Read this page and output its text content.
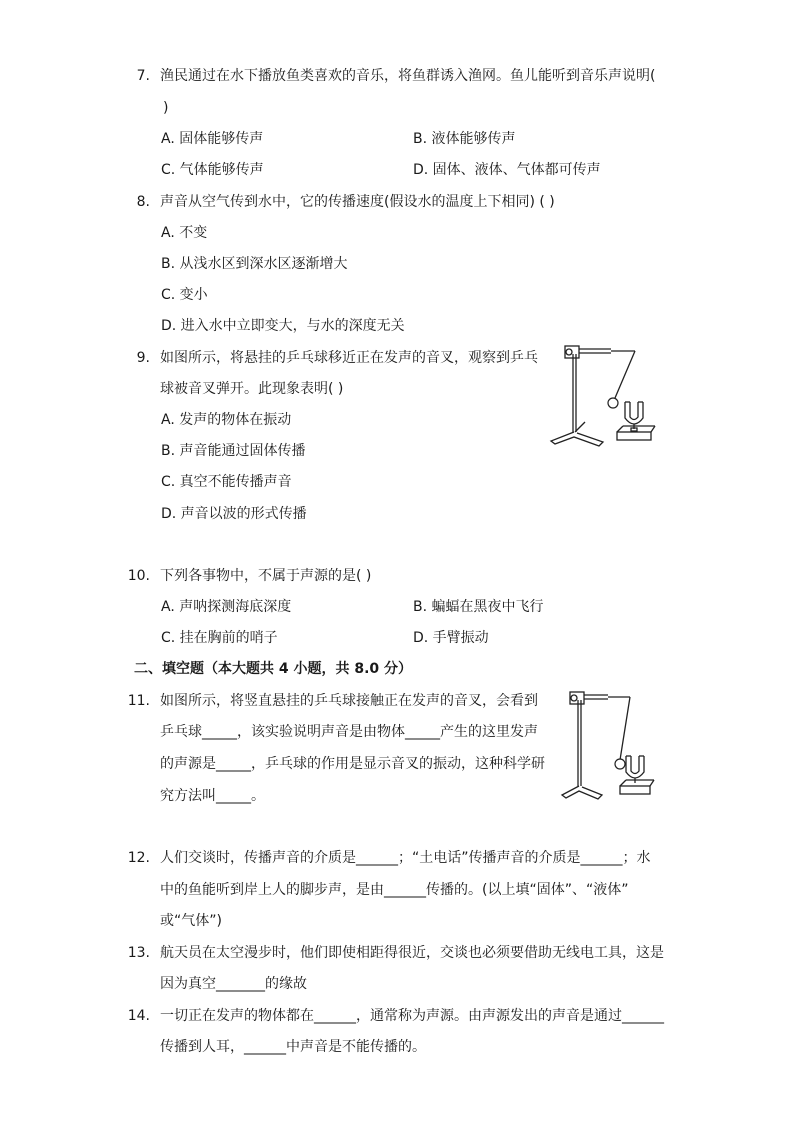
7. 渔民通过在水下播放鱼类喜欢的音乐，将鱼群诱入渔网。鱼儿能听到音乐声说明(
)
A. 固体能够传声	B. 液体能够传声
C. 气体能够传声	D. 固体、液体、气体都可传声
8. 声音从空气传到水中，它的传播速度(假设水的温度上下相同) ( )
A. 不变
B. 从浅水区到深水区逐渐增大
C. 变小
D. 进入水中立即变大，与水的深度无关
9. 如图所示，将悬挂的乒乓球移近正在发声的音叉，观察到乒乓
球被音叉弹开。此现象表明( )
A. 发声的物体在振动
B. 声音能通过固体传播
C. 真空不能传播声音
D. 声音以波的形式传播
10. 下列各事物中，不属于声源的是( )
A. 声呐探测海底深度	B. 蝙蝠在黑夜中飞行
C. 挂在胸前的哨子	D. 手臂振动
二、填空题（本大题共 4 小题，共 8.0 分）
11. 如图所示，将竖直悬挂的乒乓球接触正在发声的音叉，会看到
乒乓球_____，该实验说明声音是由物体_____产生的这里发声
的声源是_____，乒乓球的作用是显示音叉的振动，这种科学研
究方法叫_____。
12. 人们交谈时，传播声音的介质是______；“土电话”传播声音的介质是______；水
中的鱼能听到岸上人的脚步声，是由______传播的。(以上填“固体”、“液体”
或“气体”)
13. 航天员在太空漫步时，他们即使相距得很近，交谈也必须要借助无线电工具，这是
因为真空_______的缘故
14. 一切正在发声的物体都在______，通常称为声源。由声源发出的声音是通过______
传播到人耳，______中声音是不能传播的。
